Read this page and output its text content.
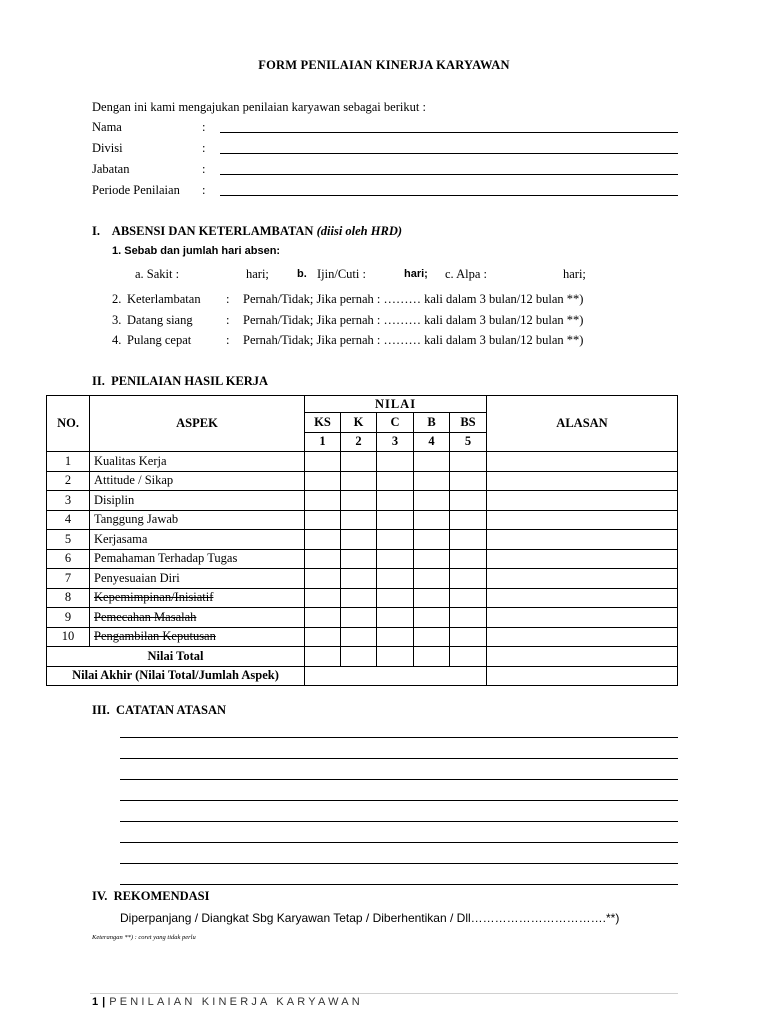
FORM PENILAIAN KINERJA KARYAWAN
Dengan ini kami mengajukan penilaian karyawan sebagai berikut :
Nama	:
Divisi	:
Jabatan	:
Periode Penilaian :
I.    ABSENSI DAN KETERLAMBATAN (diisi oleh HRD)
1. Sebab dan jumlah hari absen:
a. Sakit :	hari;	b. Ijin/Cuti :	hari; c. Alpa :	hari;
2. Keterlambatan : Pernah/Tidak; Jika pernah : ……… kali dalam 3 bulan/12 bulan **)
3. Datang siang	: Pernah/Tidak; Jika pernah : ……… kali dalam 3 bulan/12 bulan **)
4. Pulang cepat	: Pernah/Tidak; Jika pernah : ……… kali dalam 3 bulan/12 bulan **)
II.  PENILAIAN HASIL KERJA
NO.	ASPEK	NILAI					ALASAN
		KS	K	C	B	BS	
		1	2	3	4	5	
1	Kualitas Kerja						
2	Attitude / Sikap						
3	Disiplin						
4	Tanggung Jawab						
5	Kerjasama						
6	Pemahaman Terhadap Tugas						
7	Penyesuaian Diri						
8	Kepemimpinan/Inisiatif						
9	Pemecahan Masalah						
10	Pengambilan Keputusan						
Nilai Total							
Nilai Akhir (Nilai Total/Jumlah Aspek)							
III.  CATATAN ATASAN
IV.  REKOMENDASI
Diperpanjang / Diangkat Sbg Karyawan Tetap / Diberhentikan / Dll…………………………….**)
Keterangan **) : coret yang tidak perlu
1 | PENILAIAN KINERJA KARYAWAN
